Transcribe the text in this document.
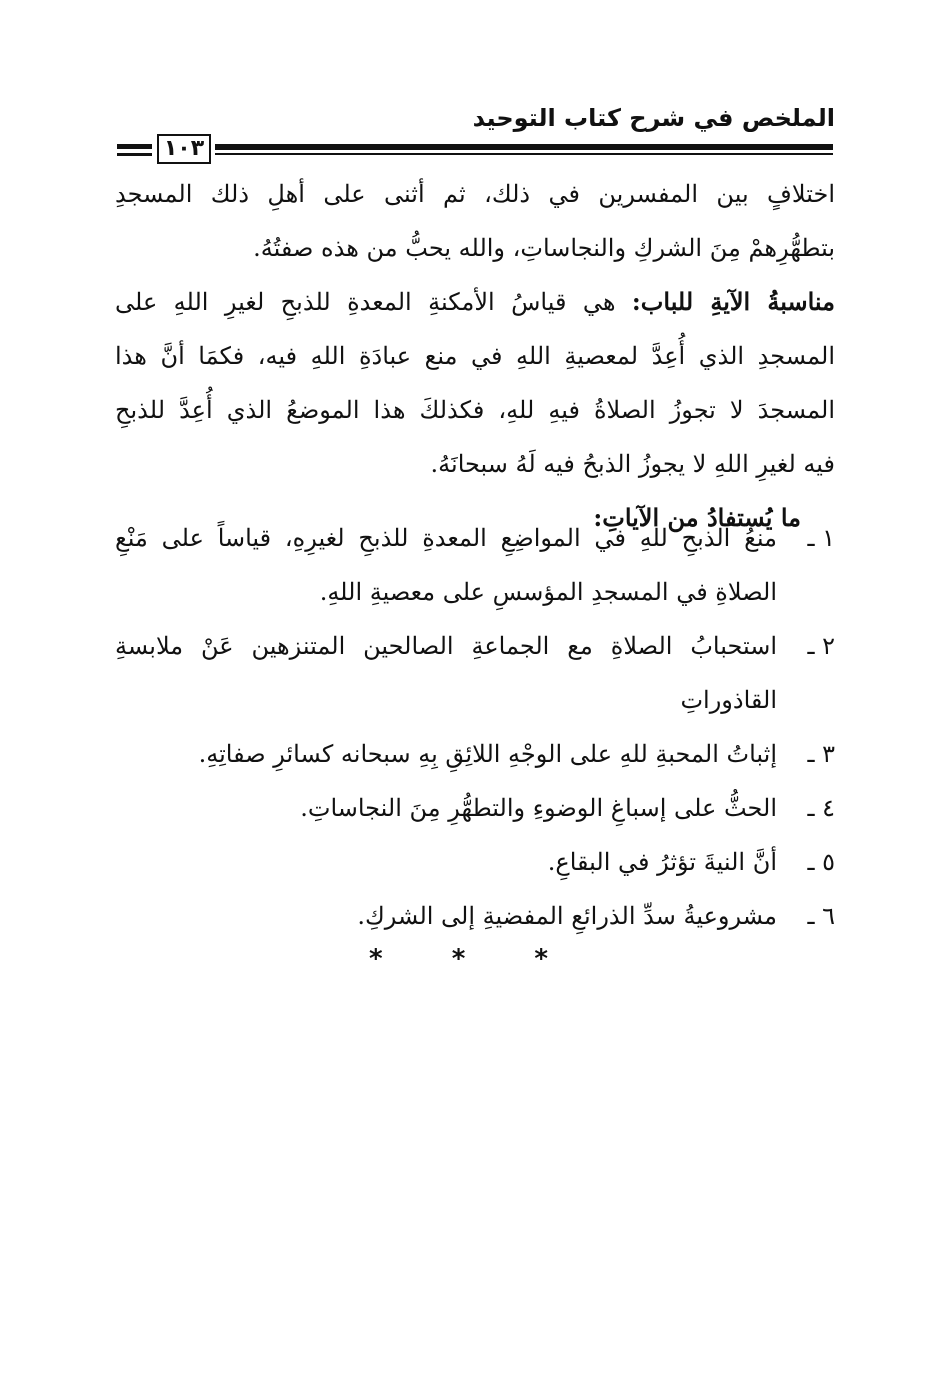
الملخص في شرح كتاب التوحيد
١٠٣
اختلافٍ بين المفسرين في ذلك، ثم أثنى على أهلِ ذلك المسجدِ
بتطهُّرِهمْ مِنَ الشركِ والنجاساتِ، والله يحبُّ من هذه صفتُهُ.
مناسبةُ الآيةِ للباب: هي قياسُ الأمكنةِ المعدةِ للذبحِ لغيرِ اللهِ على
المسجدِ الذي أُعِدَّ لمعصيةِ اللهِ في منع عبادَةِ اللهِ فيه، فكمَا أنَّ هذا
المسجدَ لا تجوزُ الصلاةُ فيهِ للهِ، فكذلكَ هذا الموضعُ الذي أُعِدَّ للذبحِ
فيه لغيرِ اللهِ لا يجوزُ الذبحُ فيه لَهُ سبحانَهُ.
ما يُستفادُ من الآياتِ:
١ ـ
منعُ الذبحِ للهِ في المواضِعِ المعدةِ للذبحِ لغيرِهِ، قياساً على مَنْعِ
الصلاةِ في المسجدِ المؤسسِ على معصيةِ اللهِ.
٢ ـ
استحبابُ الصلاةِ مع الجماعةِ الصالحين المتنزهين عَنْ ملابسةِ
القاذوراتِ
٣ ـ
إثباتُ المحبةِ للهِ على الوجْهِ اللائِقِ بِهِ سبحانه كسائرِ صفاتِهِ.
٤ ـ
الحثُّ على إسباغِ الوضوءِ والتطهُّرِ مِنَ النجاساتِ.
٥ ـ
أنَّ النيةَ تؤثرُ في البقاعِ.
٦ ـ
مشروعيةُ سدِّ الذرائعِ المفضيةِ إلى الشركِ.
* * *
